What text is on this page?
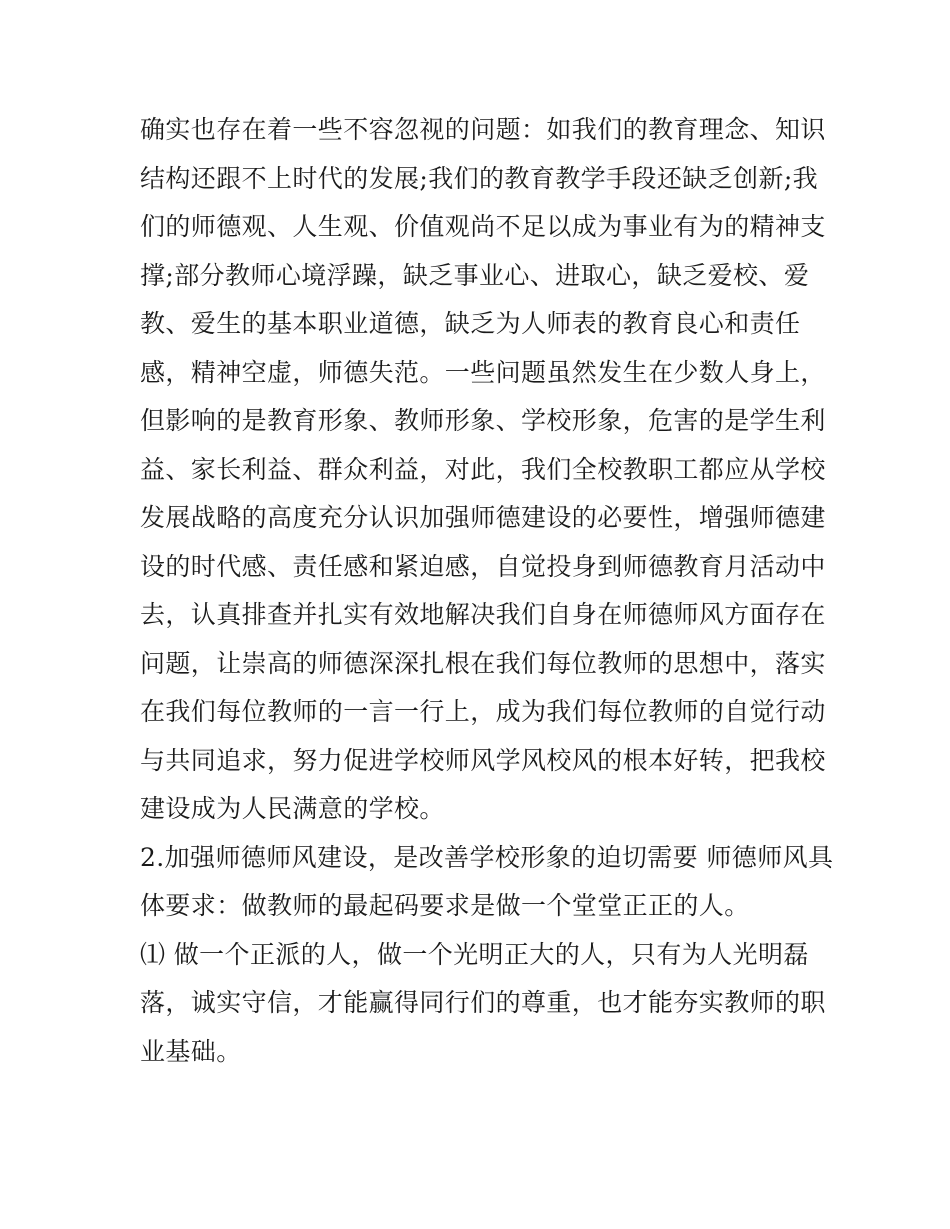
确实也存在着一些不容忽视的问题：如我们的教育理念、知识
结构还跟不上时代的发展;我们的教育教学手段还缺乏创新;我
们的师德观、人生观、价值观尚不足以成为事业有为的精神支
撑;部分教师心境浮躁，缺乏事业心、进取心，缺乏爱校、爱
教、爱生的基本职业道德，缺乏为人师表的教育良心和责任
感，精神空虚，师德失范。一些问题虽然发生在少数人身上，
但影响的是教育形象、教师形象、学校形象，危害的是学生利
益、家长利益、群众利益，对此，我们全校教职工都应从学校
发展战略的高度充分认识加强师德建设的必要性，增强师德建
设的时代感、责任感和紧迫感，自觉投身到师德教育月活动中
去，认真排查并扎实有效地解决我们自身在师德师风方面存在
问题，让崇高的师德深深扎根在我们每位教师的思想中，落实
在我们每位教师的一言一行上，成为我们每位教师的自觉行动
与共同追求，努力促进学校师风学风校风的根本好转，把我校
建设成为人民满意的学校。
2.加强师德师风建设，是改善学校形象的迫切需要 师德师风具
体要求：做教师的最起码要求是做一个堂堂正正的人。
⑴ 做一个正派的人，做一个光明正大的人，只有为人光明磊
落，诚实守信，才能赢得同行们的尊重，也才能夯实教师的职
业基础。
